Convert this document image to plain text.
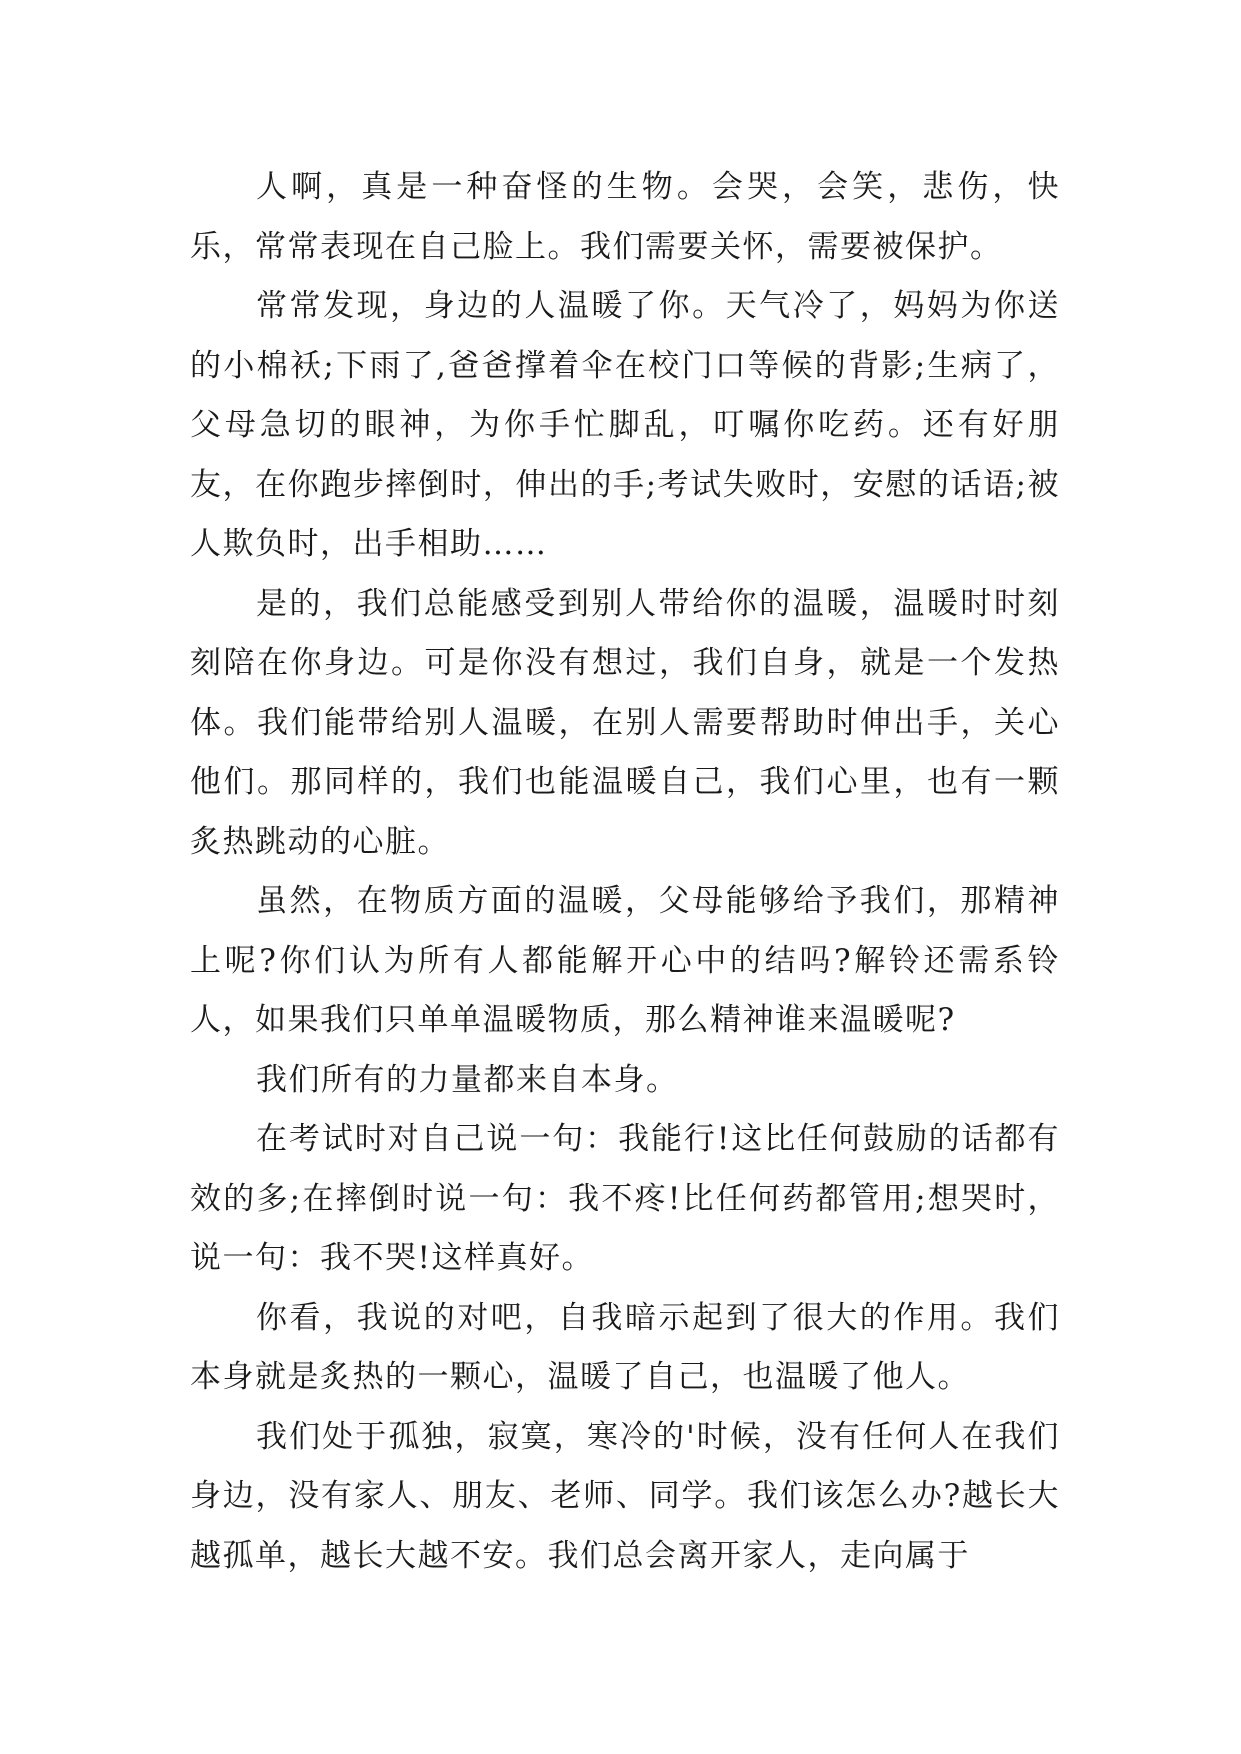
人啊，真是一种奋怪的生物。会哭，会笑，悲伤，快乐，常常表现在自己脸上。我们需要关怀，需要被保护。

常常发现，身边的人温暖了你。天气冷了，妈妈为你送的小棉袄;下雨了,爸爸撑着伞在校门口等候的背影;生病了，父母急切的眼神，为你手忙脚乱，叮嘱你吃药。还有好朋友，在你跑步摔倒时，伸出的手;考试失败时，安慰的话语;被人欺负时，出手相助……

是的，我们总能感受到别人带给你的温暖，温暖时时刻刻陪在你身边。可是你没有想过，我们自身，就是一个发热体。我们能带给别人温暖，在别人需要帮助时伸出手，关心他们。那同样的，我们也能温暖自己，我们心里，也有一颗炙热跳动的心脏。

虽然，在物质方面的温暖，父母能够给予我们，那精神上呢?你们认为所有人都能解开心中的结吗?解铃还需系铃人，如果我们只单单温暖物质，那么精神谁来温暖呢?

我们所有的力量都来自本身。

在考试时对自己说一句：我能行!这比任何鼓励的话都有效的多;在摔倒时说一句：我不疼!比任何药都管用;想哭时，说一句：我不哭!这样真好。

你看，我说的对吧，自我暗示起到了很大的作用。我们本身就是炙热的一颗心，温暖了自己，也温暖了他人。

我们处于孤独，寂寞，寒冷的'时候，没有任何人在我们身边，没有家人、朋友、老师、同学。我们该怎么办?越长大越孤单，越长大越不安。我们总会离开家人，走向属于
